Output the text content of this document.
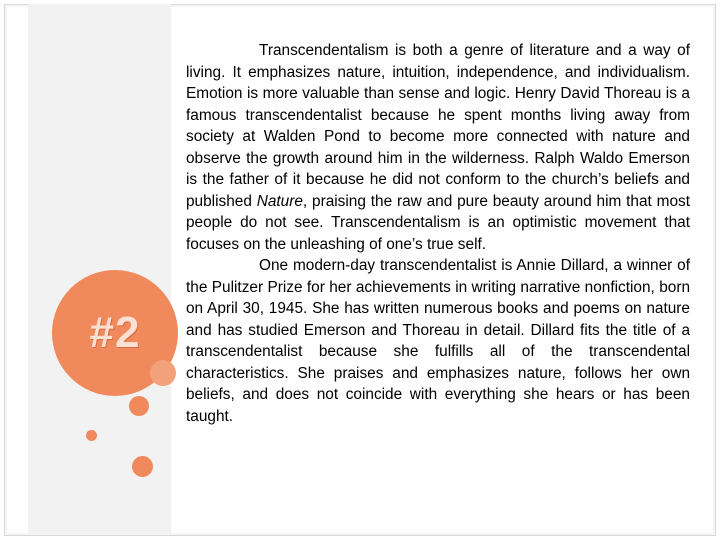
#2

Transcendentalism is both a genre of literature and a way of living. It emphasizes nature, intuition, independence, and individualism. Emotion is more valuable than sense and logic. Henry David Thoreau is a famous transcendentalist because he spent months living away from society at Walden Pond to become more connected with nature and observe the growth around him in the wilderness. Ralph Waldo Emerson is the father of it because he did not conform to the church’s beliefs and published Nature, praising the raw and pure beauty around him that most people do not see. Transcendentalism is an optimistic movement that focuses on the unleashing of one’s true self.

One modern-day transcendentalist is Annie Dillard, a winner of the Pulitzer Prize for her achievements in writing narrative nonfiction, born on April 30, 1945. She has written numerous books and poems on nature and has studied Emerson and Thoreau in detail. Dillard fits the title of a transcendentalist because she fulfills all of the transcendental characteristics. She praises and emphasizes nature, follows her own beliefs, and does not coincide with everything she hears or has been taught.
